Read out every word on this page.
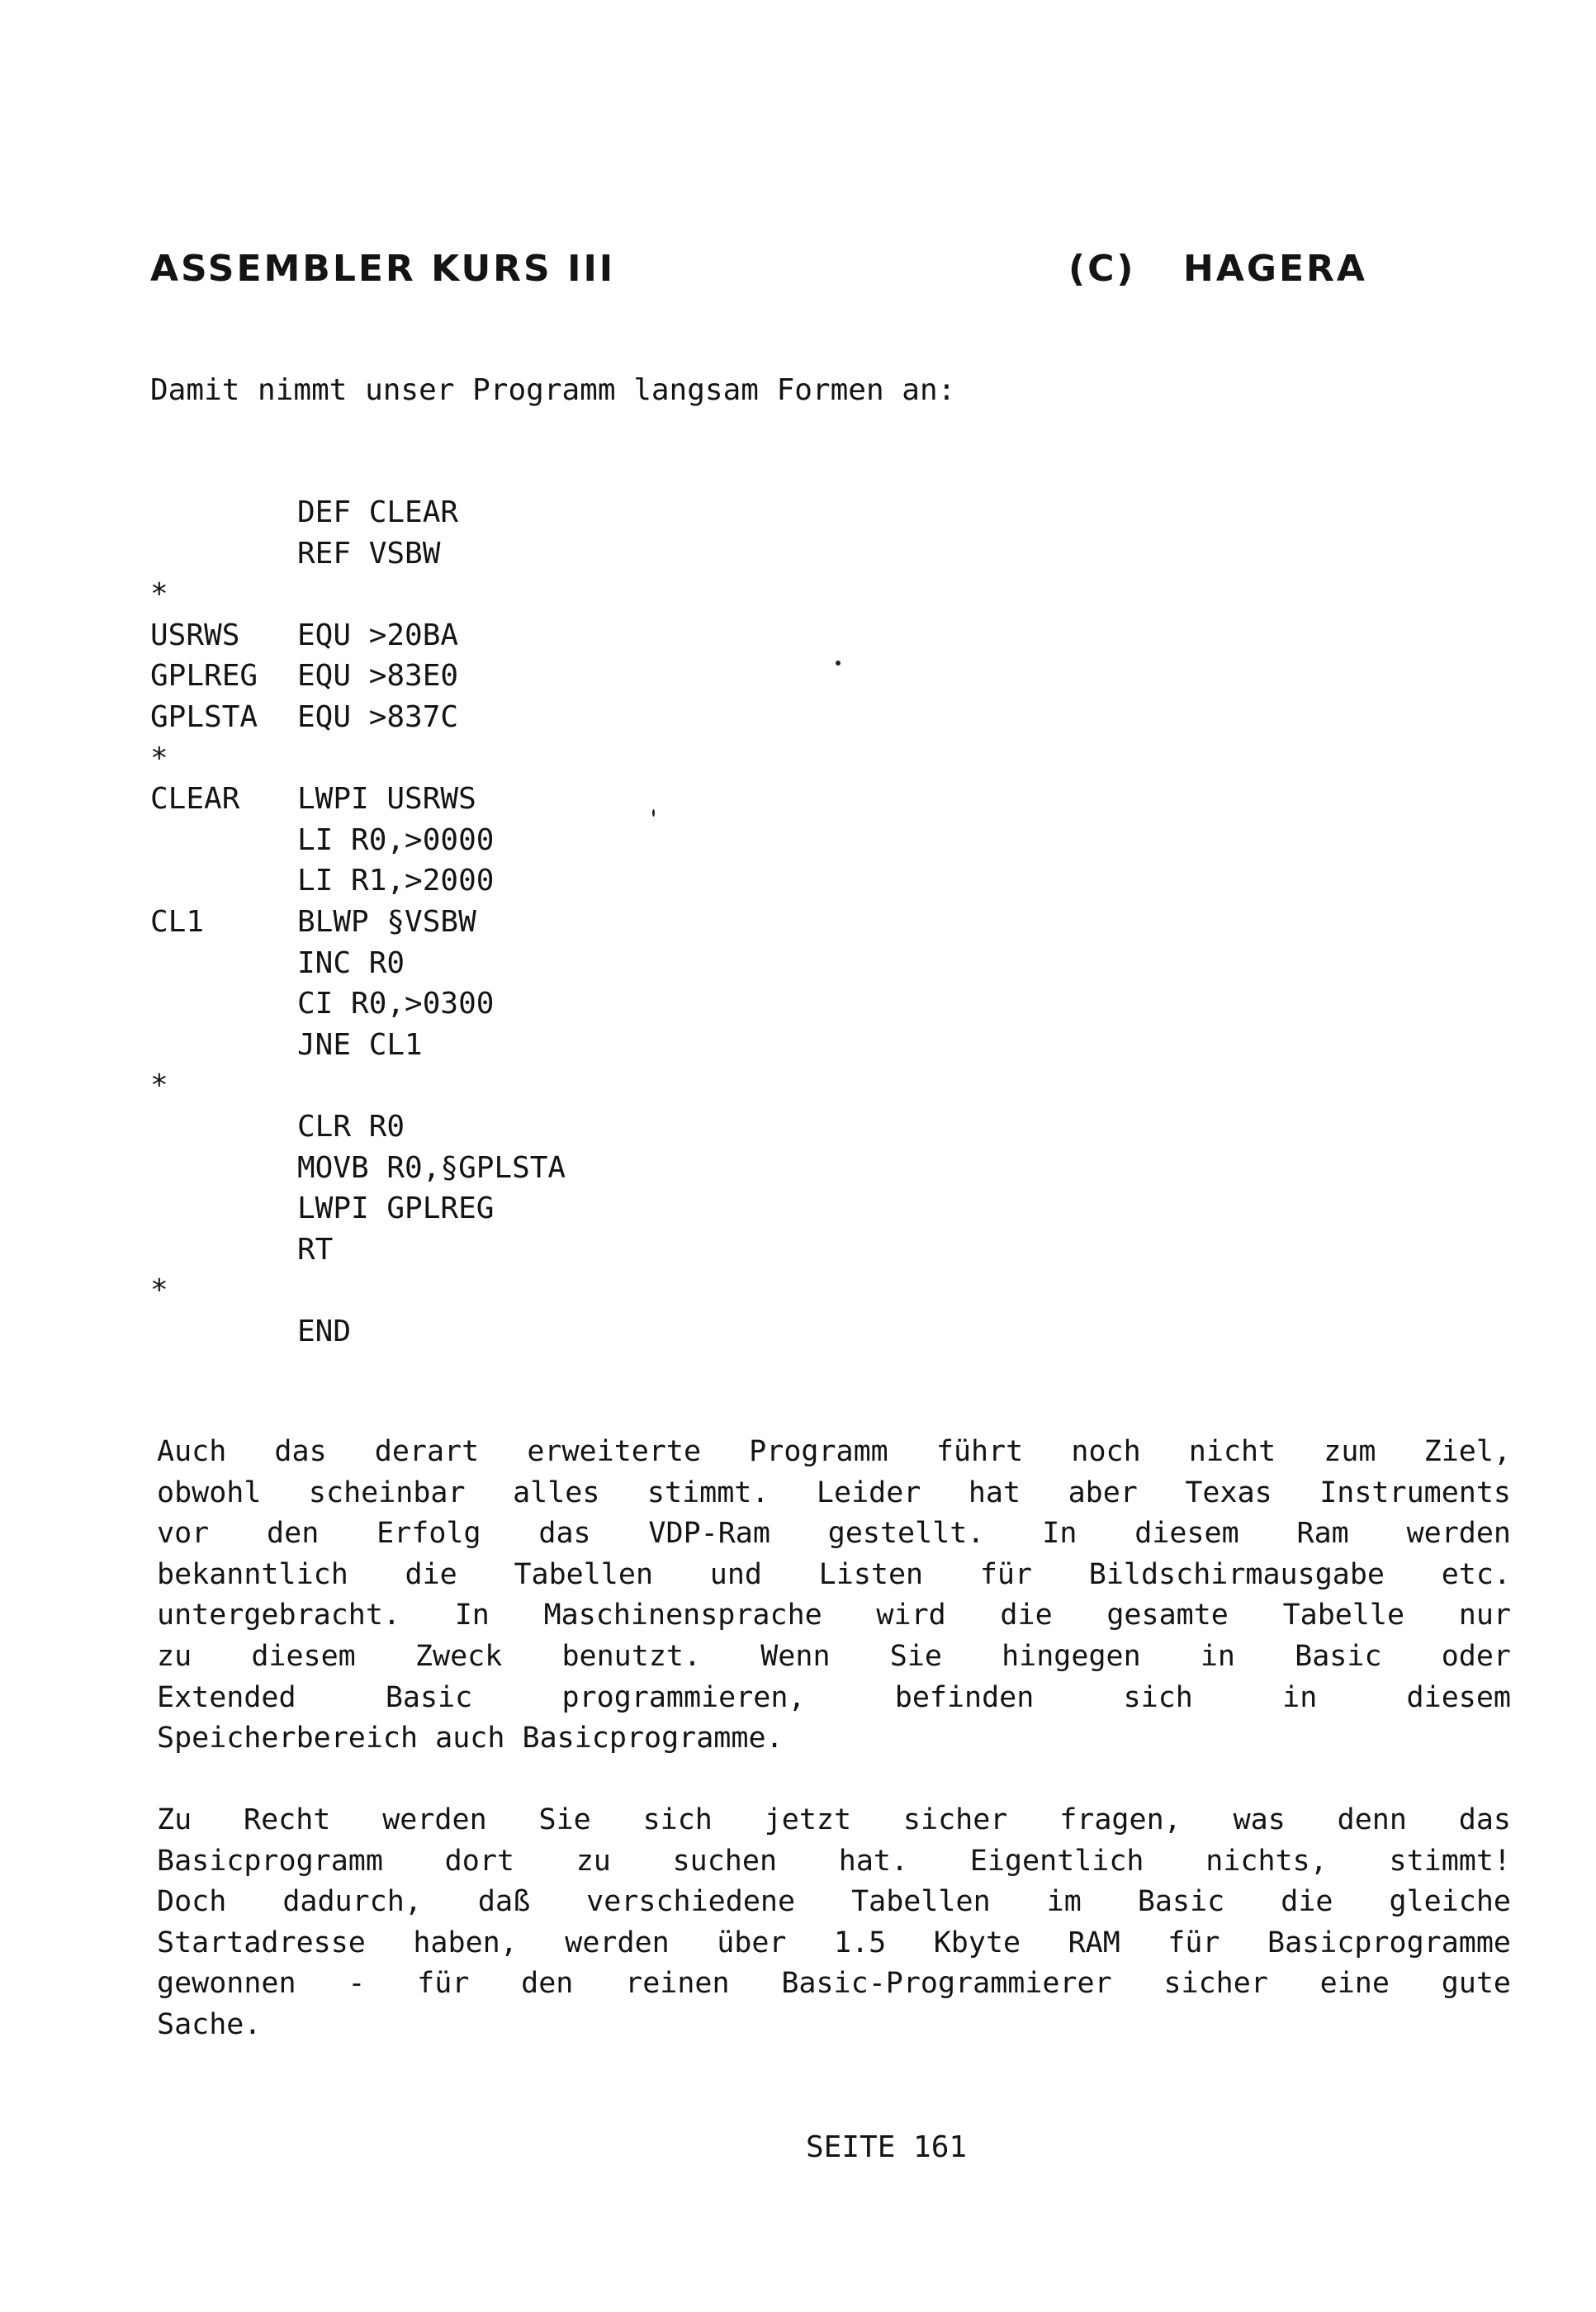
ASSEMBLER KURS III	(C) HAGERA
Damit nimmt unser Programm langsam Formen an:
DEF CLEAR
REF VSBW
*
USRWS EQU >20BA
GPLREG EQU >83E0
GPLSTA EQU >837C
*
CLEAR LWPI USRWS
LI R0,>0000
LI R1,>2000
CL1	BLWP §VSBW
INC R0
CI R0,>0300
JNE CL1
*
CLR R0
MOVB R0,§GPLSTA
LWPI GPLREG
RT
*
END
Auch das derart erweiterte Programm führt noch nicht zum Ziel,
obwohl scheinbar alles stimmt. Leider hat aber Texas Instruments
vor den Erfolg das VDP-Ram gestellt. In diesem Ram werden
bekanntlich die Tabellen und Listen für Bildschirmausgabe etc.
untergebracht. In Maschinensprache wird die gesamte Tabelle nur
zu diesem Zweck benutzt. Wenn Sie hingegen in Basic oder
Extended Basic programmieren, befinden sich in diesem
Speicherbereich auch Basicprogramme.
Zu Recht werden Sie sich jetzt sicher fragen, was denn das
Basicprogramm dort zu suchen hat. Eigentlich nichts, stimmt!
Doch dadurch, daß verschiedene Tabellen im Basic die gleiche
Startadresse haben, werden über 1.5 Kbyte RAM für Basicprogramme
gewonnen - für den reinen Basic-Programmierer sicher eine gute
Sache.
SEITE 161
